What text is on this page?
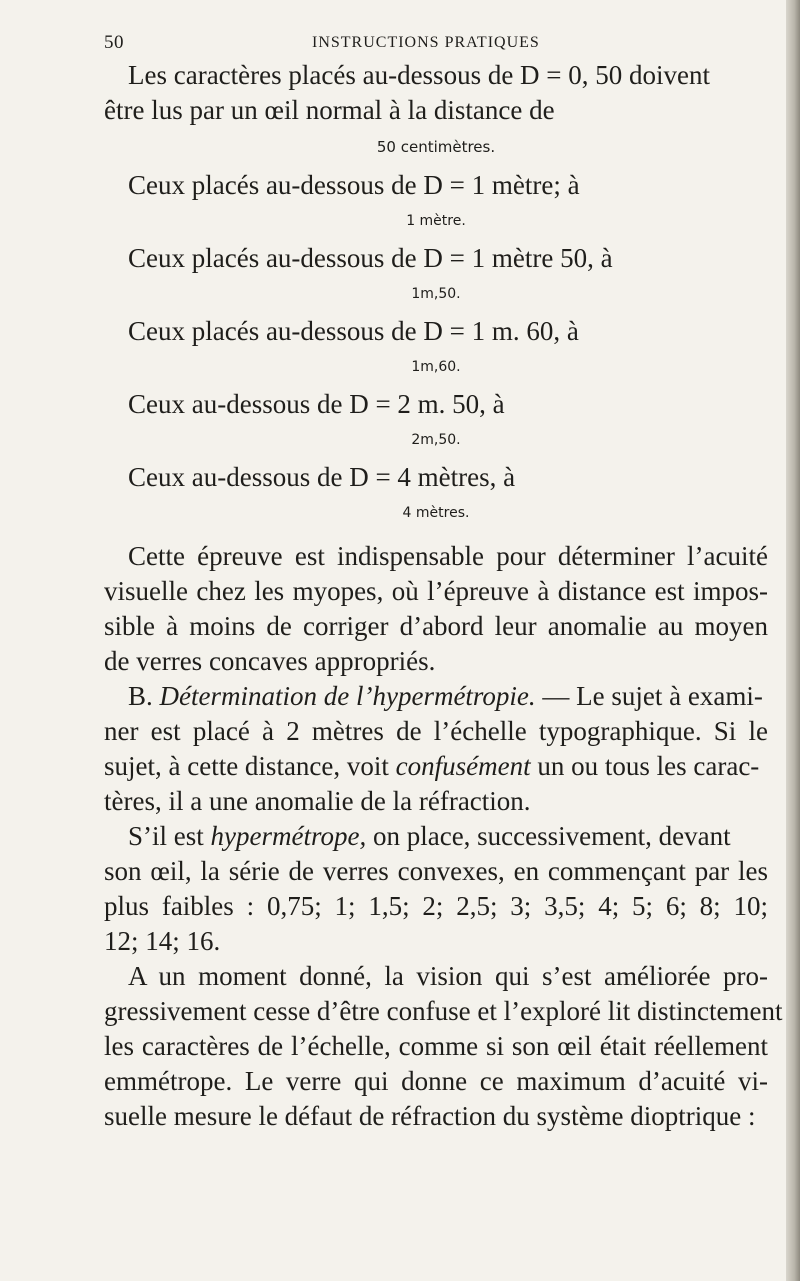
50	INSTRUCTIONS PRATIQUES
Les caractères placés au-dessous de D = 0, 50 doivent
être lus par un œil normal à la distance de
50 centimètres.
Ceux placés au-dessous de D = 1 mètre; à
1 mètre.
Ceux placés au-dessous de D = 1 mètre 50, à
1m,50.
Ceux placés au-dessous de D = 1 m. 60, à
1m,60.
Ceux au-dessous de D = 2 m. 50, à
2m,50.
Ceux au-dessous de D = 4 mètres, à
4 mètres.
Cette épreuve est indispensable pour déterminer l’acuité
visuelle chez les myopes, où l’épreuve à distance est impos-
sible à moins de corriger d’abord leur anomalie au moyen
de verres concaves appropriés.
B. Détermination de l’hypermétropie. — Le sujet à exami-
ner est placé à 2 mètres de l’échelle typographique. Si le
sujet, à cette distance, voit confusément un ou tous les carac-
tères, il a une anomalie de la réfraction.
S’il est hypermétrope, on place, successivement, devant
son œil, la série de verres convexes, en commençant par les
plus faibles : 0,75; 1; 1,5; 2; 2,5; 3; 3,5; 4; 5; 6; 8; 10;
12; 14; 16.
A un moment donné, la vision qui s’est améliorée pro-
gressivement cesse d’être confuse et l’exploré lit distinctement
les caractères de l’échelle, comme si son œil était réellement
emmétrope. Le verre qui donne ce maximum d’acuité vi-
suelle mesure le défaut de réfraction du système dioptrique :
